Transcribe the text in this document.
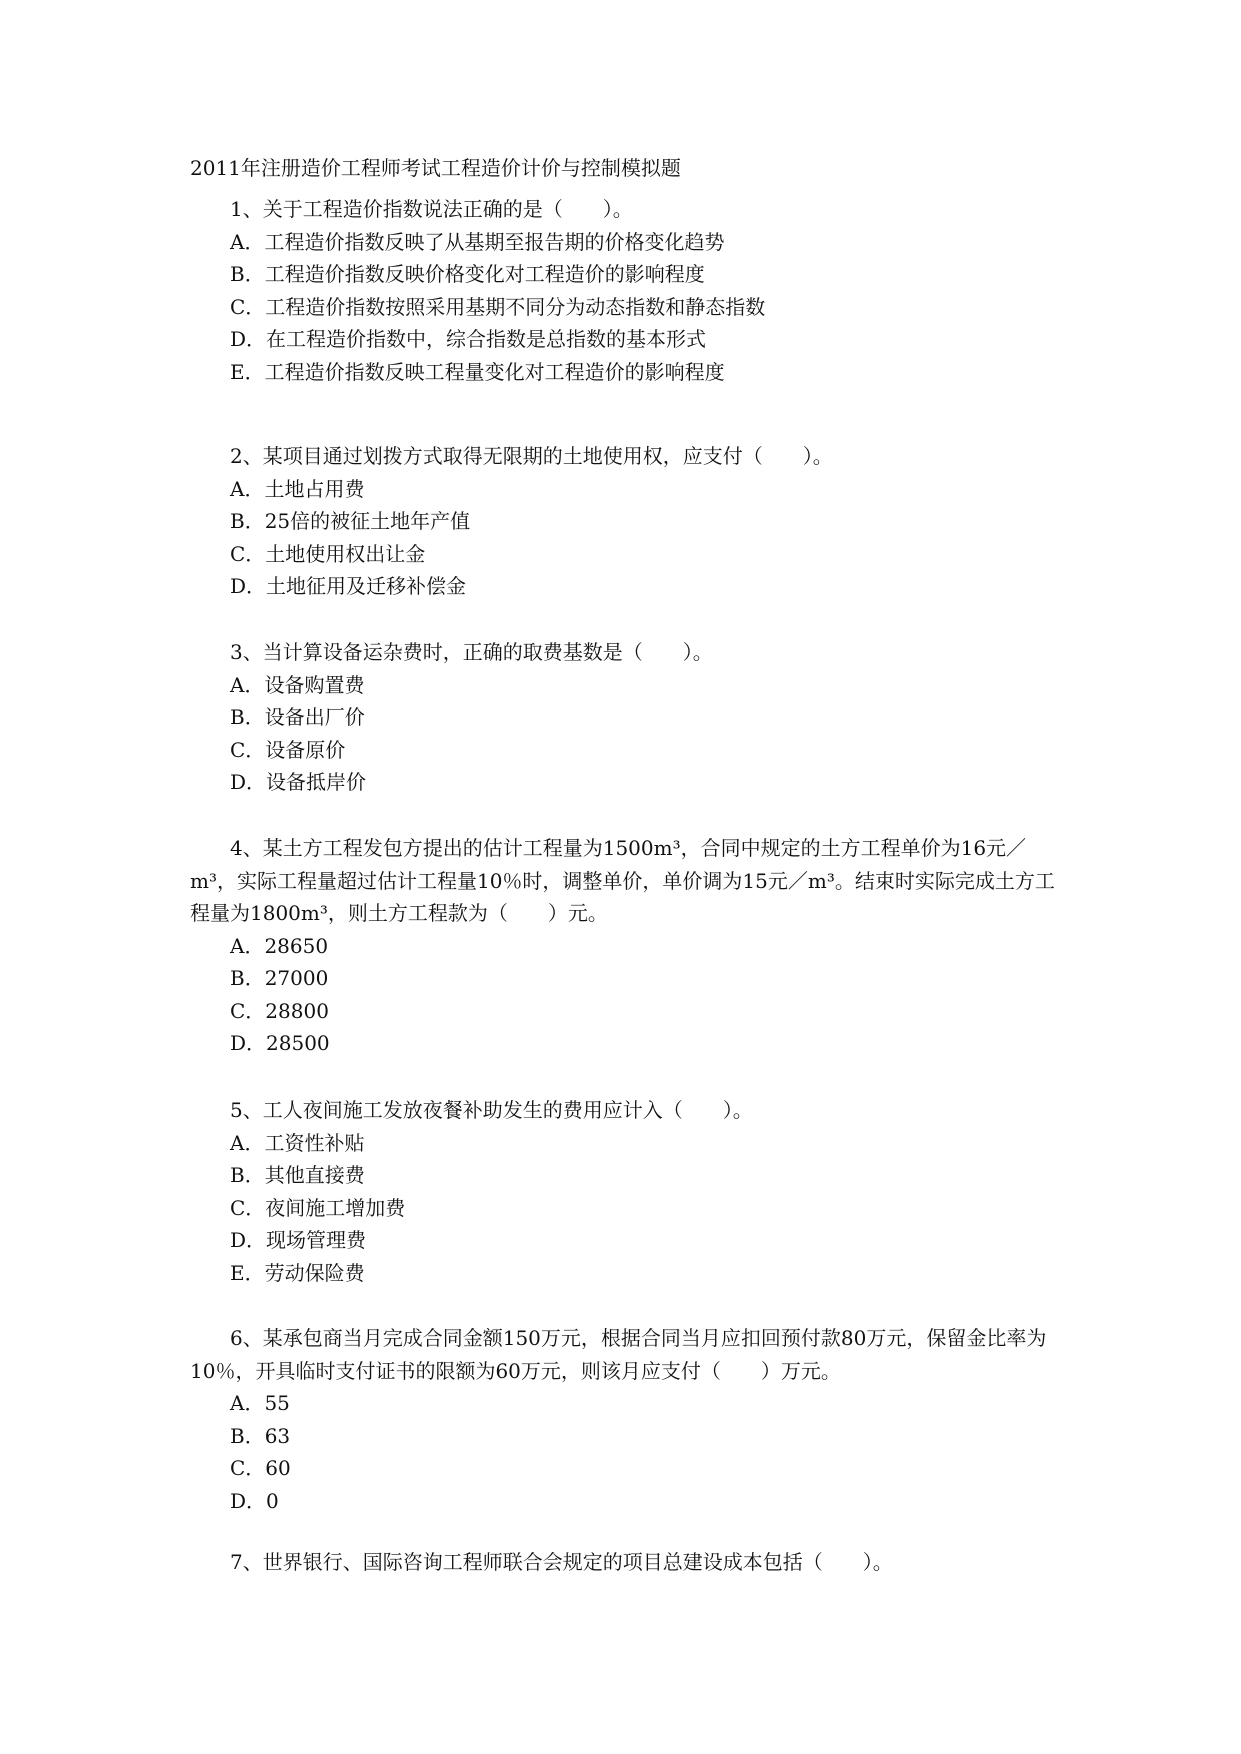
2011年注册造价工程师考试工程造价计价与控制模拟题

1、关于工程造价指数说法正确的是（　　）。

A．工程造价指数反映了从基期至报告期的价格变化趋势
B．工程造价指数反映价格变化对工程造价的影响程度
C．工程造价指数按照采用基期不同分为动态指数和静态指数
D．在工程造价指数中，综合指数是总指数的基本形式
E．工程造价指数反映工程量变化对工程造价的影响程度

2、某项目通过划拨方式取得无限期的土地使用权，应支付（　　）。

A．土地占用费
B．25倍的被征土地年产值
C．土地使用权出让金
D．土地征用及迁移补偿金

3、当计算设备运杂费时，正确的取费基数是（　　）。

A．设备购置费
B．设备出厂价
C．设备原价
D．设备抵岸价

4、某土方工程发包方提出的估计工程量为1500m³，合同中规定的土方工程单价为16元／m³，实际工程量超过估计工程量10％时，调整单价，单价调为15元／m³。结束时实际完成土方工程量为1800m³，则土方工程款为（　　）元。

A．28650
B．27000
C．28800
D．28500

5、工人夜间施工发放夜餐补助发生的费用应计入（　　）。

A．工资性补贴
B．其他直接费
C．夜间施工增加费
D．现场管理费
E．劳动保险费

6、某承包商当月完成合同金额150万元，根据合同当月应扣回预付款80万元，保留金比率为10％，开具临时支付证书的限额为60万元，则该月应支付（　　）万元。

A．55
B．63
C．60
D．0

7、世界银行、国际咨询工程师联合会规定的项目总建设成本包括（　　）。
